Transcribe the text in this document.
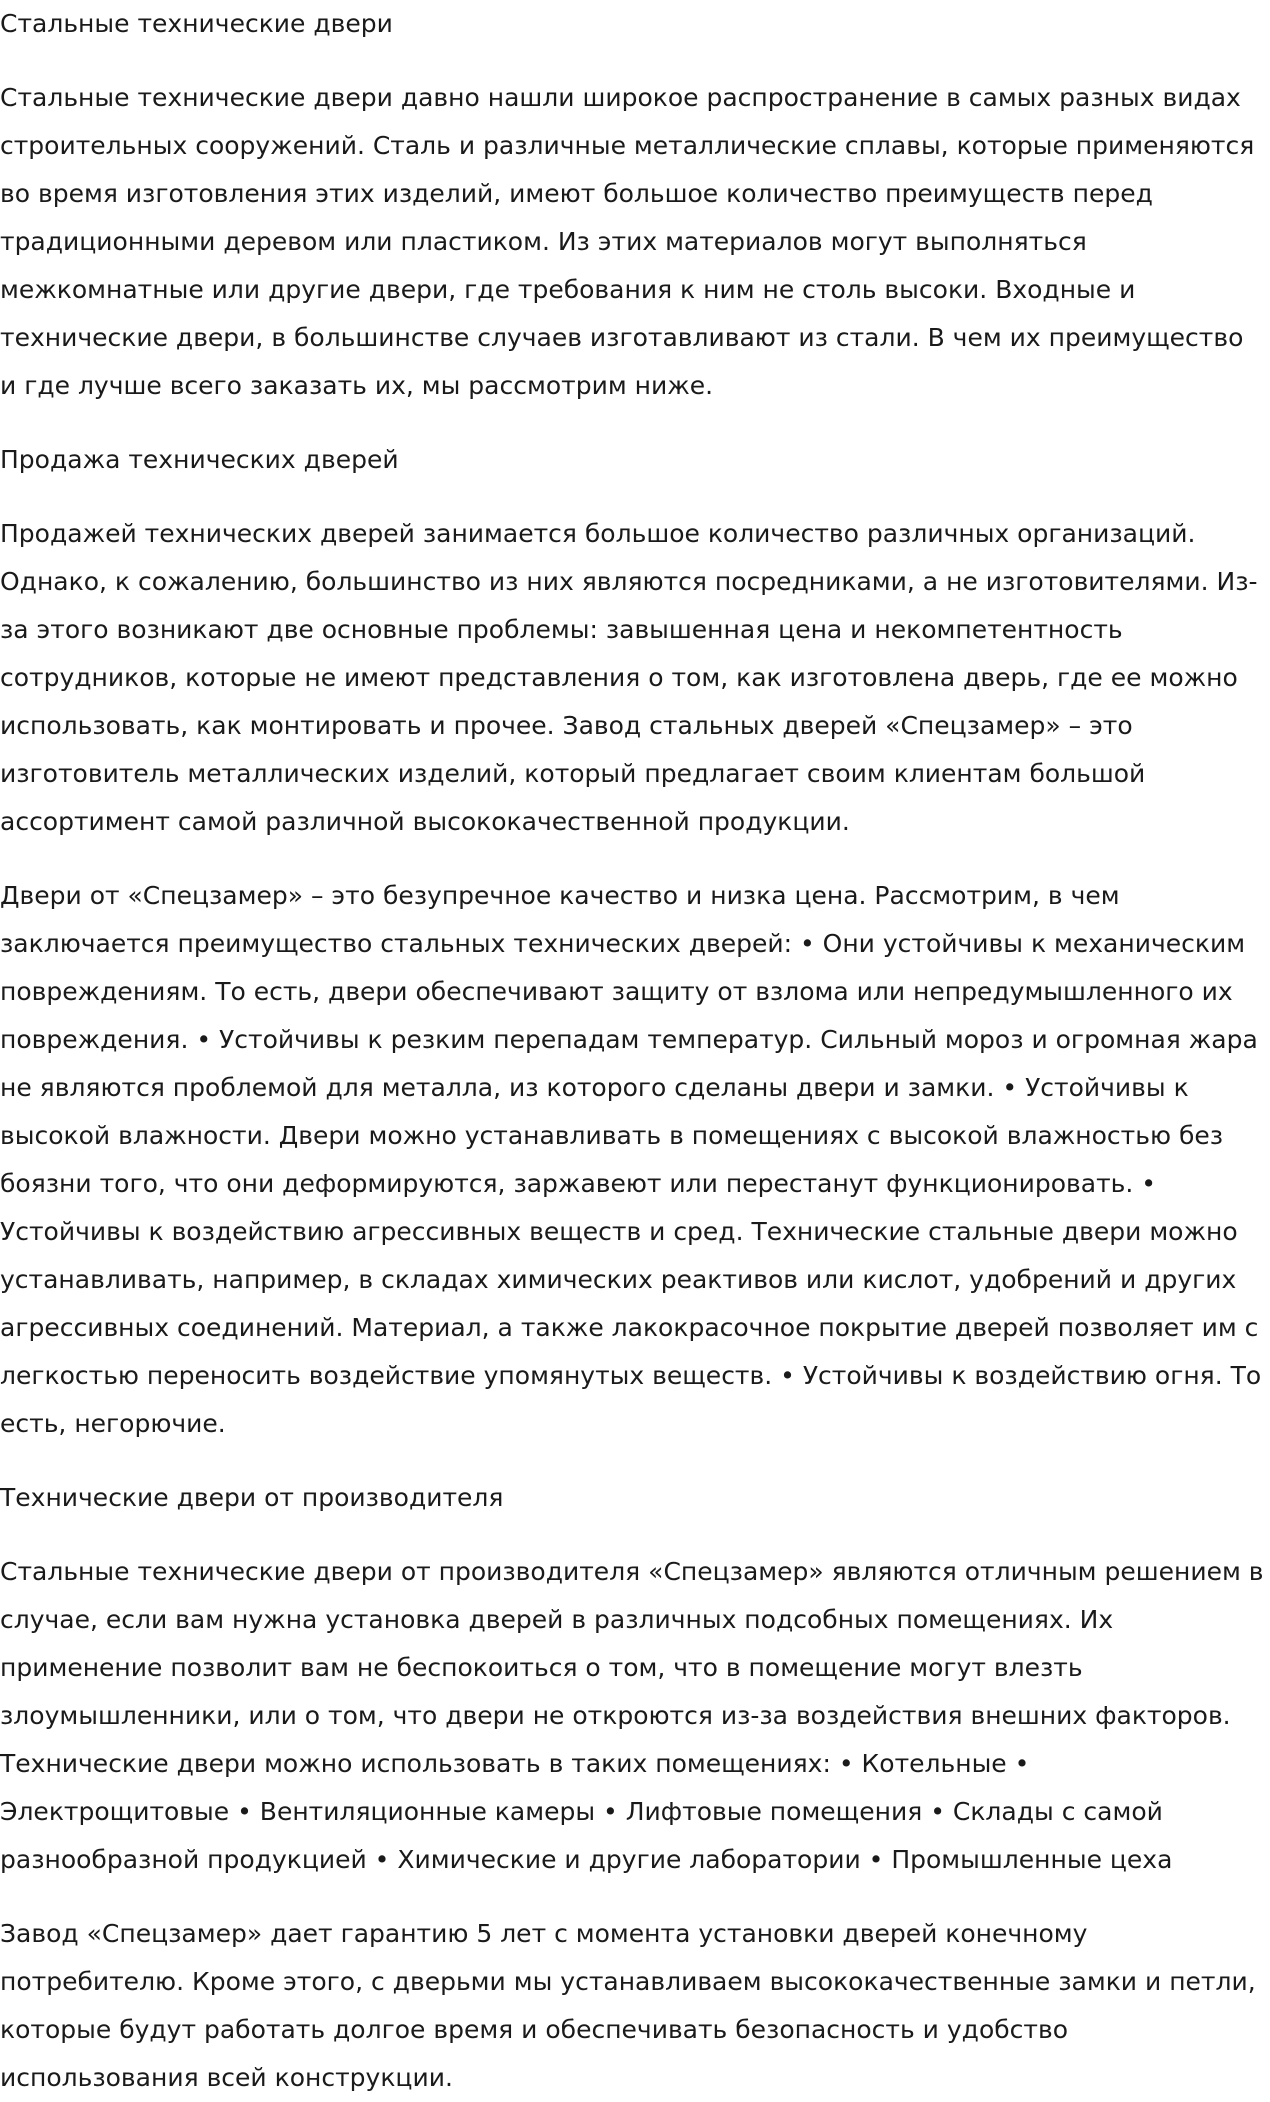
Стальные технические двери
Стальные технические двери давно нашли широкое распространение в самых разных видах строительных сооружений. Сталь и различные металлические сплавы, которые применяются во время изготовления этих изделий, имеют большое количество преимуществ перед традиционными деревом или пластиком. Из этих материалов могут выполняться межкомнатные или другие двери, где требования к ним не столь высоки. Входные и технические двери, в большинстве случаев изготавливают из стали. В чем их преимущество и где лучше всего заказать их, мы рассмотрим ниже.
Продажа технических дверей
Продажей технических дверей занимается большое количество различных организаций. Однако, к сожалению, большинство из них являются посредниками, а не изготовителями. Из-за этого возникают две основные проблемы: завышенная цена и некомпетентность сотрудников, которые не имеют представления о том, как изготовлена дверь, где ее можно использовать, как монтировать и прочее. Завод стальных дверей «Спецзамер» – это изготовитель металлических изделий, который предлагает своим клиентам большой ассортимент самой различной высококачественной продукции.
Двери от «Спецзамер» – это безупречное качество и низка цена. Рассмотрим, в чем заключается преимущество стальных технических дверей: • Они устойчивы к механическим повреждениям. То есть, двери обеспечивают защиту от взлома или непредумышленного их повреждения. • Устойчивы к резким перепадам температур. Сильный мороз и огромная жара не являются проблемой для металла, из которого сделаны двери и замки. • Устойчивы к высокой влажности. Двери можно устанавливать в помещениях с высокой влажностью без боязни того, что они деформируются, заржавеют или перестанут функционировать. • Устойчивы к воздействию агрессивных веществ и сред. Технические стальные двери можно устанавливать, например, в складах химических реактивов или кислот, удобрений и других агрессивных соединений. Материал, а также лакокрасочное покрытие дверей позволяет им с легкостью переносить воздействие упомянутых веществ. • Устойчивы к воздействию огня. То есть, негорючие.
Технические двери от производителя
Стальные технические двери от производителя «Спецзамер» являются отличным решением в случае, если вам нужна установка дверей в различных подсобных помещениях. Их применение позволит вам не беспокоиться о том, что в помещение могут влезть злоумышленники, или о том, что двери не откроются из-за воздействия внешних факторов. Технические двери можно использовать в таких помещениях: • Котельные • Электрощитовые • Вентиляционные камеры • Лифтовые помещения • Склады с самой разнообразной продукцией • Химические и другие лаборатории • Промышленные цеха
Завод «Спецзамер» дает гарантию 5 лет с момента установки дверей конечному потребителю. Кроме этого, с дверьми мы устанавливаем высококачественные замки и петли, которые будут работать долгое время и обеспечивать безопасность и удобство использования всей конструкции.
